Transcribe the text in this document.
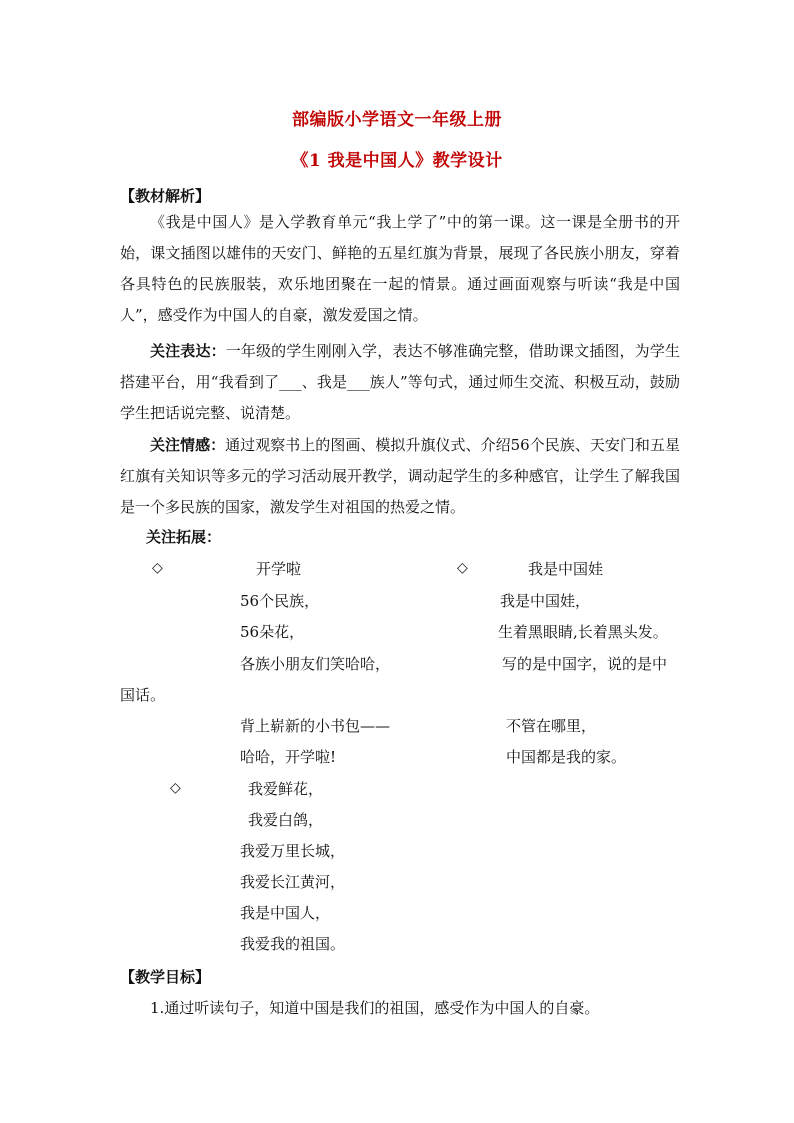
部编版小学语文一年级上册
《1 我是中国人》教学设计
【教材解析】

《我是中国人》是入学教育单元“我上学了”中的第一课。这一课是全册书的开始，课文插图以雄伟的天安门、鲜艳的五星红旗为背景，展现了各民族小朋友，穿着各具特色的民族服装，欢乐地团聚在一起的情景。通过画面观察与听读“我是中国人”，感受作为中国人的自豪，激发爱国之情。

关注表达：一年级的学生刚刚入学，表达不够准确完整，借助课文插图，为学生搭建平台，用“我看到了___、我是___族人”等句式，通过师生交流、积极互动，鼓励学生把话说完整、说清楚。

关注情感：通过观察书上的图画、模拟升旗仪式、介绍56个民族、天安门和五星红旗有关知识等多元的学习活动展开教学，调动起学生的多种感官，让学生了解我国是一个多民族的国家，激发学生对祖国的热爱之情。

关注拓展：
◇	开学啦
56个民族，
56朵花，
各族小朋友们笑哈哈，
背上崭新的小书包——
哈哈，开学啦!
◇	我是中国娃
我是中国娃，
生着黑眼睛,长着黑头发。
写的是中国字，说的是中
国话。
不管在哪里，
中国都是我的家。
◇	我爱鲜花，
我爱白鸽，
我爱万里长城，
我爱长江黄河，
我是中国人，
我爱我的祖国。
【教学目标】
1.通过听读句子，知道中国是我们的祖国，感受作为中国人的自豪。
